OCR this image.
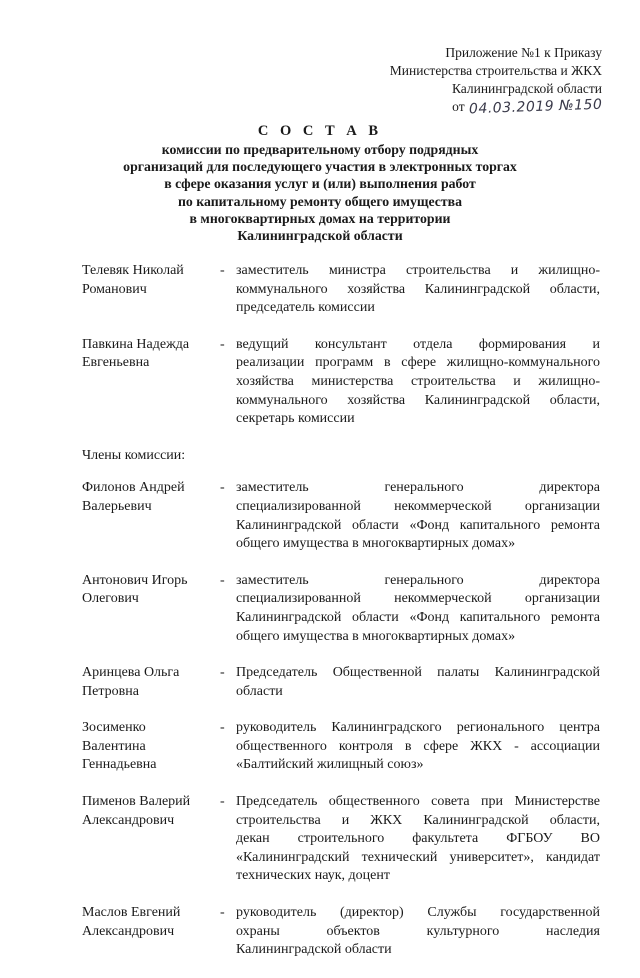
Приложение №1 к Приказу
Министерства строительства и ЖКХ
Калининградской области
от 04.03.2019 №150
С О С Т А В
комиссии по предварительному отбору подрядных
организаций для последующего участия в электронных торгах
в сфере оказания услуг и (или) выполнения работ
по капитальному ремонту общего имущества
в многоквартирных домах на территории
Калининградской области
Телевяк Николай
Романович
- заместитель министра строительства и жилищно-
коммунального хозяйства Калининградской области,
председатель комиссии
Павкина Надежда
Евгеньевна
- ведущий консультант отдела формирования и
реализации программ в сфере жилищно-коммунального
хозяйства министерства строительства и жилищно-
коммунального хозяйства Калининградской области,
секретарь комиссии
Члены комиссии:
Филонов Андрей
Валерьевич
- заместитель генерального директора
специализированной некоммерческой организации
Калининградской области «Фонд капитального ремонта
общего имущества в многоквартирных домах»
Антонович Игорь
Олегович
- заместитель генерального директора
специализированной некоммерческой организации
Калининградской области «Фонд капитального ремонта
общего имущества в многоквартирных домах»
Аринцева Ольга
Петровна
- Председатель Общественной палаты Калининградской
области
Зосименко
Валентина
Геннадьевна
- руководитель Калининградского регионального центра
общественного контроля в сфере ЖКХ - ассоциации
«Балтийский жилищный союз»
Пименов Валерий
Александрович
- Председатель общественного совета при Министерстве
строительства и ЖКХ Калининградской области,
декан строительного факультета ФГБОУ ВО
«Калининградский технический университет», кандидат
технических наук, доцент
Маслов Евгений
Александрович
- руководитель (директор) Службы государственной
охраны объектов культурного наследия
Калининградской области
